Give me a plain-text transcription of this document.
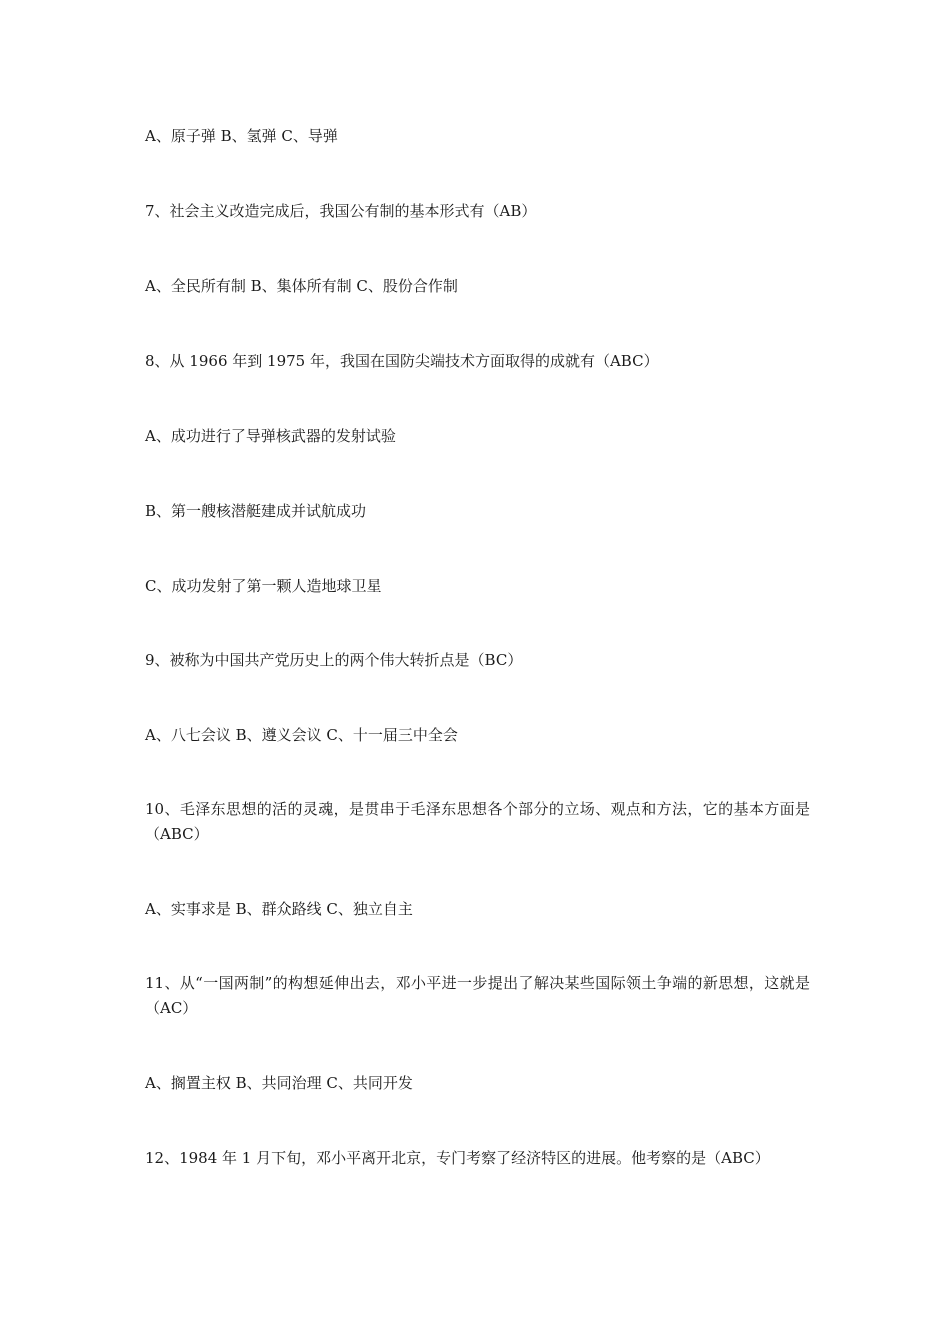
A、原子弹 B、氢弹 C、导弹

7、社会主义改造完成后，我国公有制的基本形式有（AB）

A、全民所有制 B、集体所有制 C、股份合作制

8、从 1966 年到 1975 年，我国在国防尖端技术方面取得的成就有（ABC）

A、成功进行了导弹核武器的发射试验

B、第一艘核潜艇建成并试航成功

C、成功发射了第一颗人造地球卫星

9、被称为中国共产党历史上的两个伟大转折点是（BC）

A、八七会议 B、遵义会议 C、十一届三中全会

10、毛泽东思想的活的灵魂，是贯串于毛泽东思想各个部分的立场、观点和方法，它的基本方面是（ABC）

A、实事求是 B、群众路线 C、独立自主

11、从“一国两制”的构想延伸出去，邓小平进一步提出了解决某些国际领土争端的新思想，这就是（AC）

A、搁置主权 B、共同治理 C、共同开发

12、1984 年 1 月下旬，邓小平离开北京，专门考察了经济特区的进展。他考察的是（ABC）
